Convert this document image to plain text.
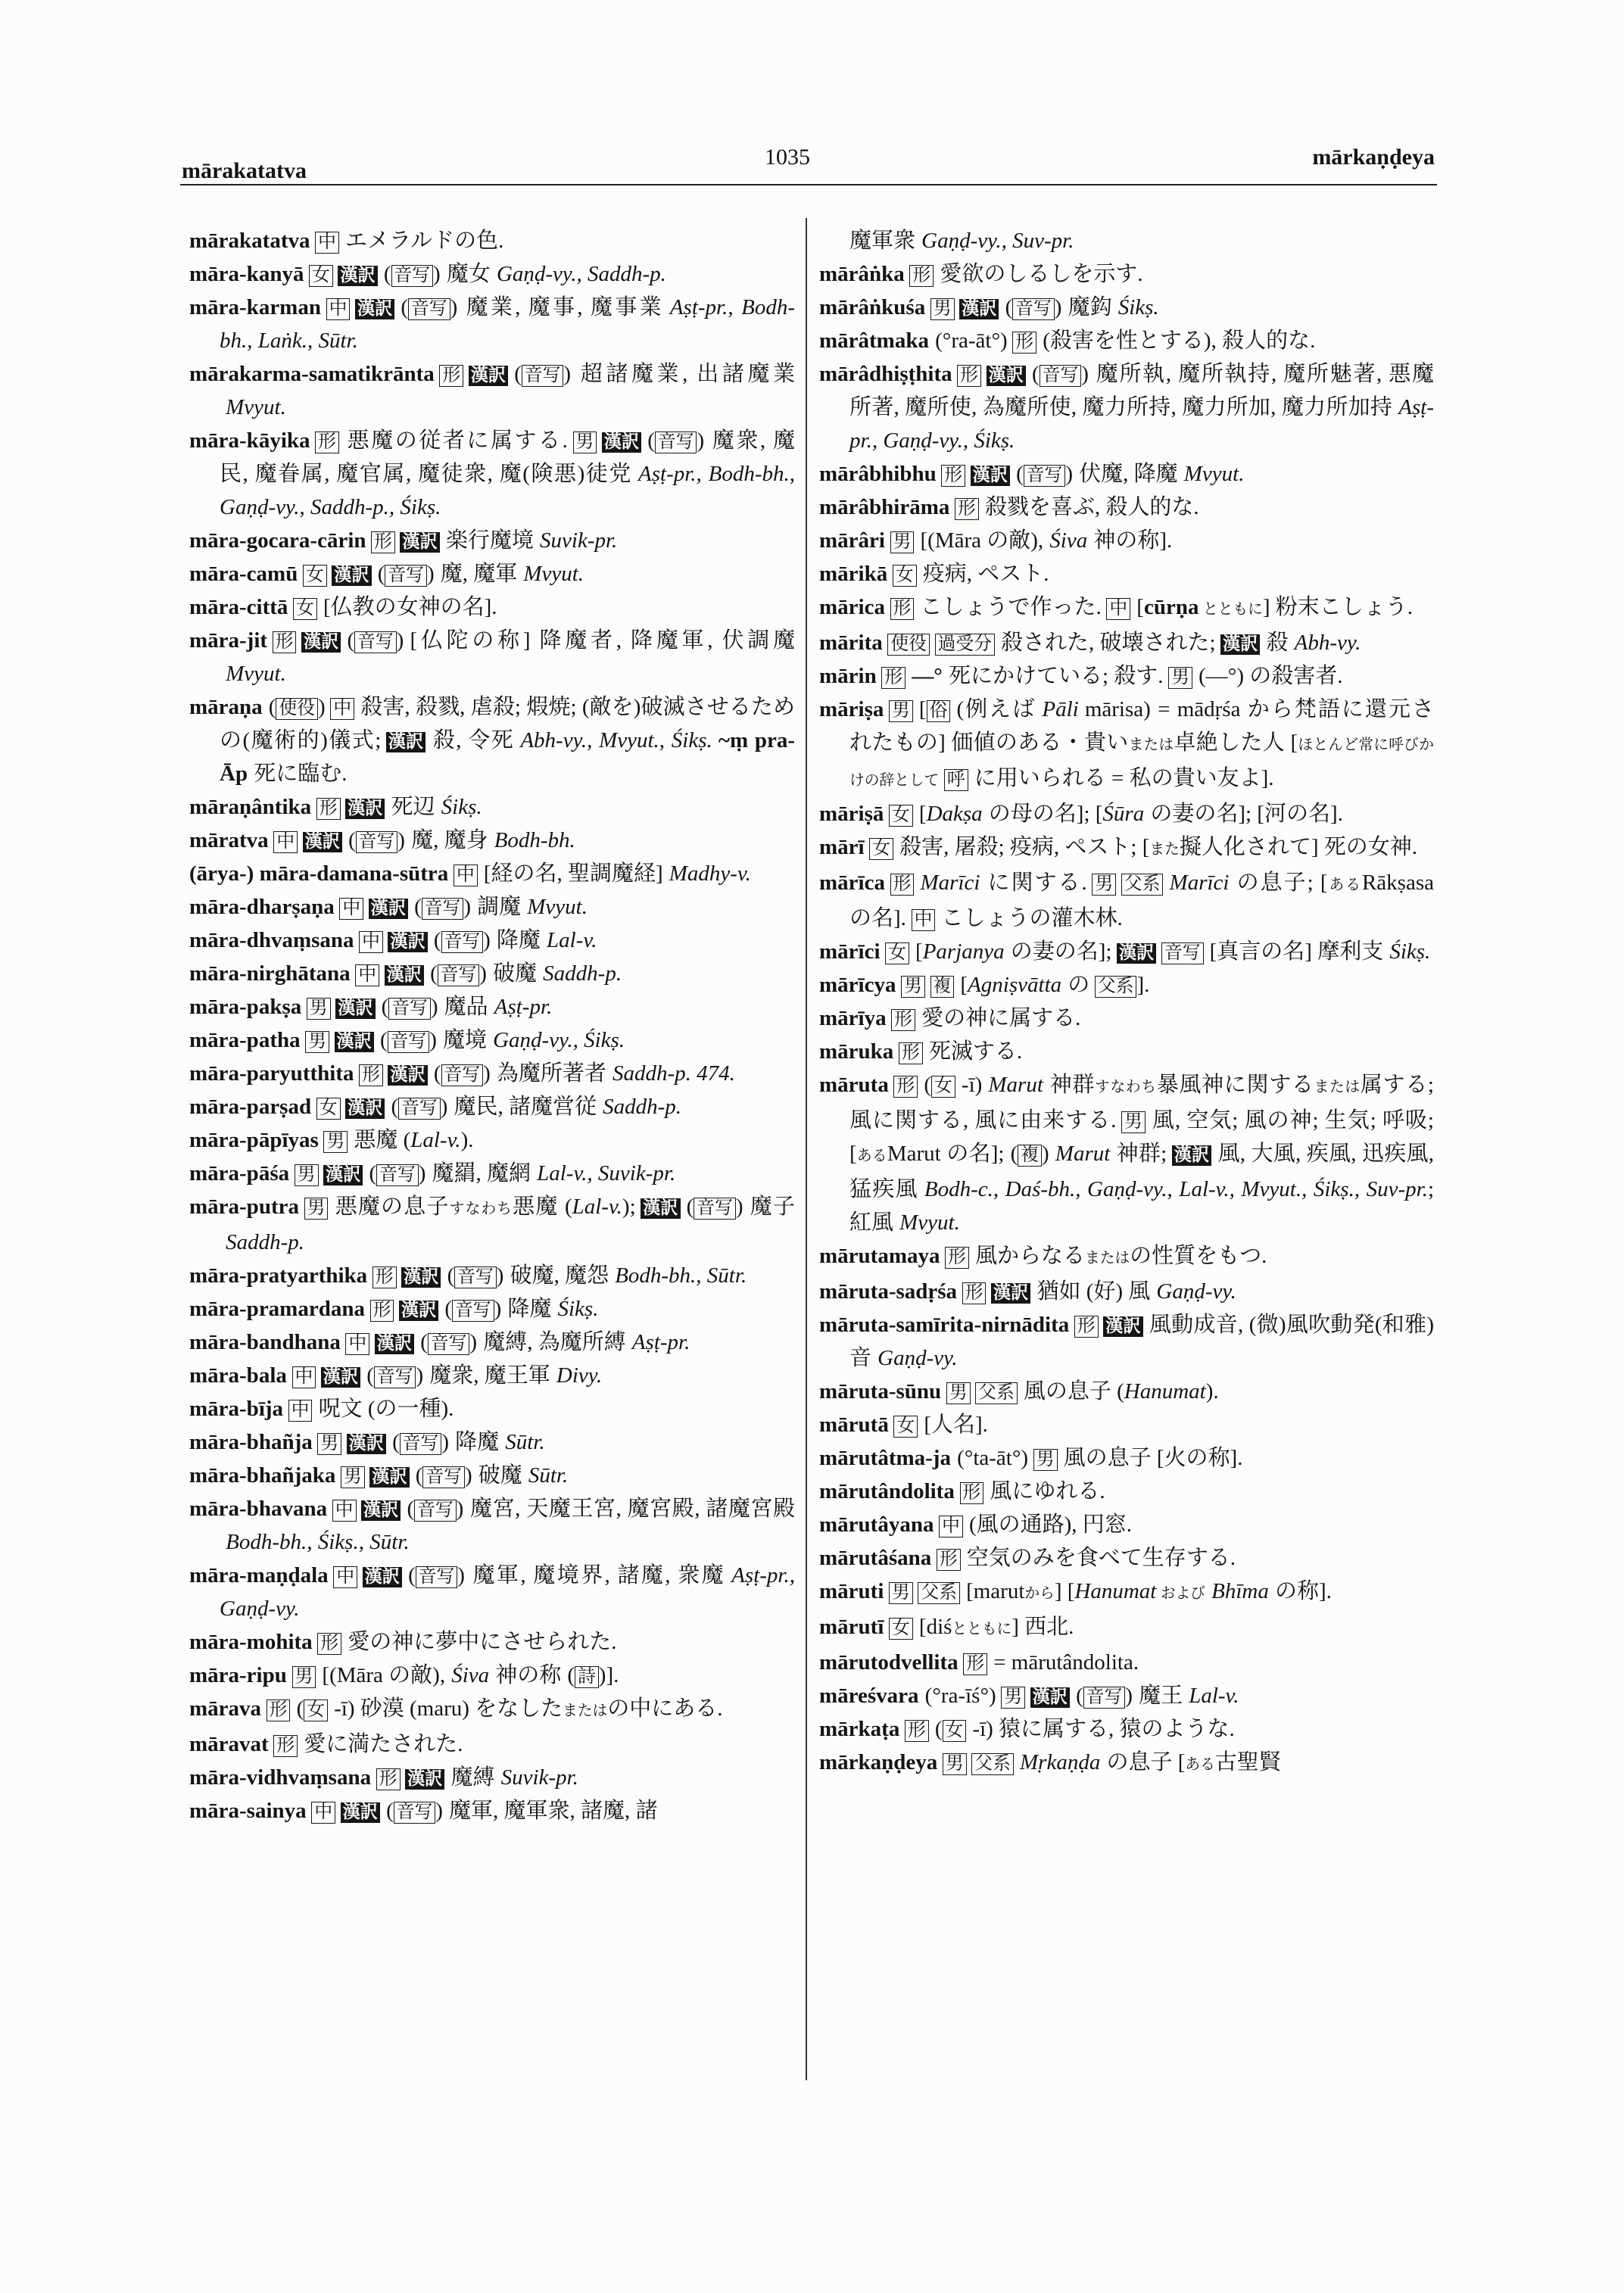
mārakatatva
1035	mārkaṇḍeya

mārakatatva 中 エメラルドの色.

māra-kanyā 女 漢訳 ( 音写 ) 魔女 Gaṇḍ-vy., Saddh-p.

māra-karman 中 漢訳 ( 音写 ) 魔業, 魔事, 魔事業 Aṣṭ-pr., Bodh-bh., Laṅk., Sūtr.

mārakarma-samatikrānta 形 漢訳 ( 音写 ) 超諸魔業, 出諸魔業Mvyut.

māra-kāyika 形 悪魔の従者に属する. 男 漢訳 ( 音写 ) 魔衆, 魔民, 魔眷属, 魔官属, 魔徒衆, 魔(険悪)徒党 Aṣṭ-pr., Bodh-bh., Gaṇḍ-vy., Saddh-p., Śikṣ.

māra-gocara-cārin 形 漢訳 楽行魔境 Suvik-pr.

māra-camū 女 漢訳 ( 音写 ) 魔, 魔軍 Mvyut.

māra-cittā 女 [仏教の女神の名].

māra-jit 形 漢訳 ( 音写 ) [仏陀の称] 降魔者, 降魔軍, 伏調魔Mvyut.

māraṇa ( 使役 ) 中 殺害, 殺戮, 虐殺; 煆焼; (敵を)破滅させるための(魔術的)儀式; 漢訳 殺, 令死 Abh-vy., Mvyut., Śikṣ. ~ṃ pra-Āp 死に臨む.

māraṇântika 形 漢訳 死辺 Śikṣ.

māratva 中 漢訳 ( 音写 ) 魔, 魔身 Bodh-bh.

(ārya-) māra-damana-sūtra 中 [経の名, 聖調魔経] Madhy-v.

māra-dharṣaṇa 中 漢訳 ( 音写 ) 調魔 Mvyut.

māra-dhvaṃsana 中 漢訳 ( 音写 ) 降魔 Lal-v.

māra-nirghātana 中 漢訳 ( 音写 ) 破魔 Saddh-p.

māra-pakṣa 男 漢訳 ( 音写 ) 魔品 Aṣṭ-pr.

māra-patha 男 漢訳 ( 音写 ) 魔境 Gaṇḍ-vy., Śikṣ.

māra-paryutthita 形 漢訳 ( 音写 ) 為魔所著者 Saddh-p. 474.

māra-parṣad 女 漢訳 ( 音写 ) 魔民, 諸魔営従 Saddh-p.

māra-pāpīyas 男 悪魔 (Lal-v.).

māra-pāśa 男 漢訳 ( 音写 ) 魔羂, 魔網 Lal-v., Suvik-pr.

māra-putra 男 悪魔の息子すなわち悪魔 (Lal-v.); 漢訳 ( 音写 ) 魔子Saddh-p.

māra-pratyarthika 形 漢訳 ( 音写 ) 破魔, 魔怨 Bodh-bh., Sūtr.

māra-pramardana 形 漢訳 ( 音写 ) 降魔 Śikṣ.

māra-bandhana 中 漢訳 ( 音写 ) 魔縛, 為魔所縛 Aṣṭ-pr.

māra-bala 中 漢訳 ( 音写 ) 魔衆, 魔王軍 Divy.

māra-bīja 中 呪文 (の一種).

māra-bhañja 男 漢訳 ( 音写 ) 降魔 Sūtr.

māra-bhañjaka 男 漢訳 ( 音写 ) 破魔 Sūtr.

māra-bhavana 中 漢訳 ( 音写 ) 魔宮, 天魔王宮, 魔宮殿, 諸魔宮殿Bodh-bh., Śikṣ., Sūtr.

māra-maṇḍala 中 漢訳 ( 音写 ) 魔軍, 魔境界, 諸魔, 衆魔 Aṣṭ-pr., Gaṇḍ-vy.

māra-mohita 形 愛の神に夢中にさせられた.

māra-ripu 男 [(Māra の敵), Śiva 神の称 ( 詩 ) ].

mārava 形 ( 女 -ī) 砂漠 (maru) をなしたまたはの中にある.

māravat 形 愛に満たされた.

māra-vidhvaṃsana 形 漢訳 魔縛 Suvik-pr.

māra-sainya 中 漢訳 ( 音写 ) 魔軍, 魔軍衆, 諸魔, 諸

魔軍衆 Gaṇḍ-vy., Suv-pr.

mārâṅka 形 愛欲のしるしを示す.

mārâṅkuśa 男 漢訳 ( 音写 ) 魔鈎 Śikṣ.

mārâtmaka (°ra-āt°) 形 (殺害を性とする), 殺人的な.

mārâdhiṣṭhita 形 漢訳 ( 音写 ) 魔所執, 魔所執持, 魔所魅著, 悪魔所著, 魔所使, 為魔所使, 魔力所持, 魔力所加, 魔力所加持 Aṣṭ-pr., Gaṇḍ-vy., Śikṣ.

mārâbhibhu 形 漢訳 ( 音写 ) 伏魔, 降魔 Mvyut.

mārâbhirāma 形 殺戮を喜ぶ, 殺人的な.

mārâri 男 [(Māra の敵), Śiva 神の称].

mārikā 女 疫病, ペスト.

mārica 形 こしょうで作った. 中 [cūrṇa とともに] 粉末こしょう.

mārita 使役 過受分 殺された, 破壊された; 漢訳 殺 Abh-vy.

mārin 形 —° 死にかけている; 殺す. 男 (—°) の殺害者.

māriṣa 男 [ 俗 (例えば Pāli mārisa) = mādṛśa から梵語に還元されたもの] 価値のある・貴いまたは卓絶した人 [ほとんど常に呼びかけの辞として 呼 に用いられる = 私の貴い友よ].

māriṣā 女 [Dakṣa の母の名]; [Śūra の妻の名]; [河の名].

mārī 女 殺害, 屠殺; 疫病, ペスト; [また擬人化されて] 死の女神.

mārīca 形 Marīci に関する. 男 父系 Marīci の息子; [あるRākṣasa の名]. 中 こしょうの灌木林.

mārīci 女 [Parjanya の妻の名]; 漢訳 音写 [真言の名] 摩利支 Śikṣ.

mārīcya 男 複 [Agniṣvātta の 父系 ].

mārīya 形 愛の神に属する.

māruka 形 死滅する.

māruta 形 ( 女 -ī) Marut 神群すなわち暴風神に関するまたは属する; 風に関する, 風に由来する. 男 風, 空気; 風の神; 生気; 呼吸; [あるMarut の名]; ( 複 ) Marut 神群; 漢訳 風, 大風, 疾風, 迅疾風, 猛疾風 Bodh-c., Daś-bh., Gaṇḍ-vy., Lal-v., Mvyut., Śikṣ., Suv-pr.; 紅風 Mvyut.

mārutamaya 形 風からなるまたはの性質をもつ.

māruta-sadṛśa 形 漢訳 猶如 (好) 風 Gaṇḍ-vy.

māruta-samīrita-nirnādita 形 漢訳 風動成音, (微)風吹動発(和雅)音 Gaṇḍ-vy.

māruta-sūnu 男 父系 風の息子 (Hanumat).

mārutā 女 [人名].

mārutâtma-ja (°ta-āt°) 男 風の息子 [火の称].

mārutândolita 形 風にゆれる.

mārutâyana 中 (風の通路), 円窓.

mārutâśana 形 空気のみを食べて生存する.

māruti 男 父系 [marutから] [Hanumat および Bhīma の称].

mārutī 女 [diśとともに] 西北.

mārutodvellita 形 = mārutândolita.

māreśvara (°ra-īś°) 男 漢訳 ( 音写 ) 魔王 Lal-v.

mārkaṭa 形 ( 女 -ī) 猿に属する, 猿のような.

mārkaṇḍeya 男 父系 Mṛkaṇḍa の息子 [ある古聖賢
